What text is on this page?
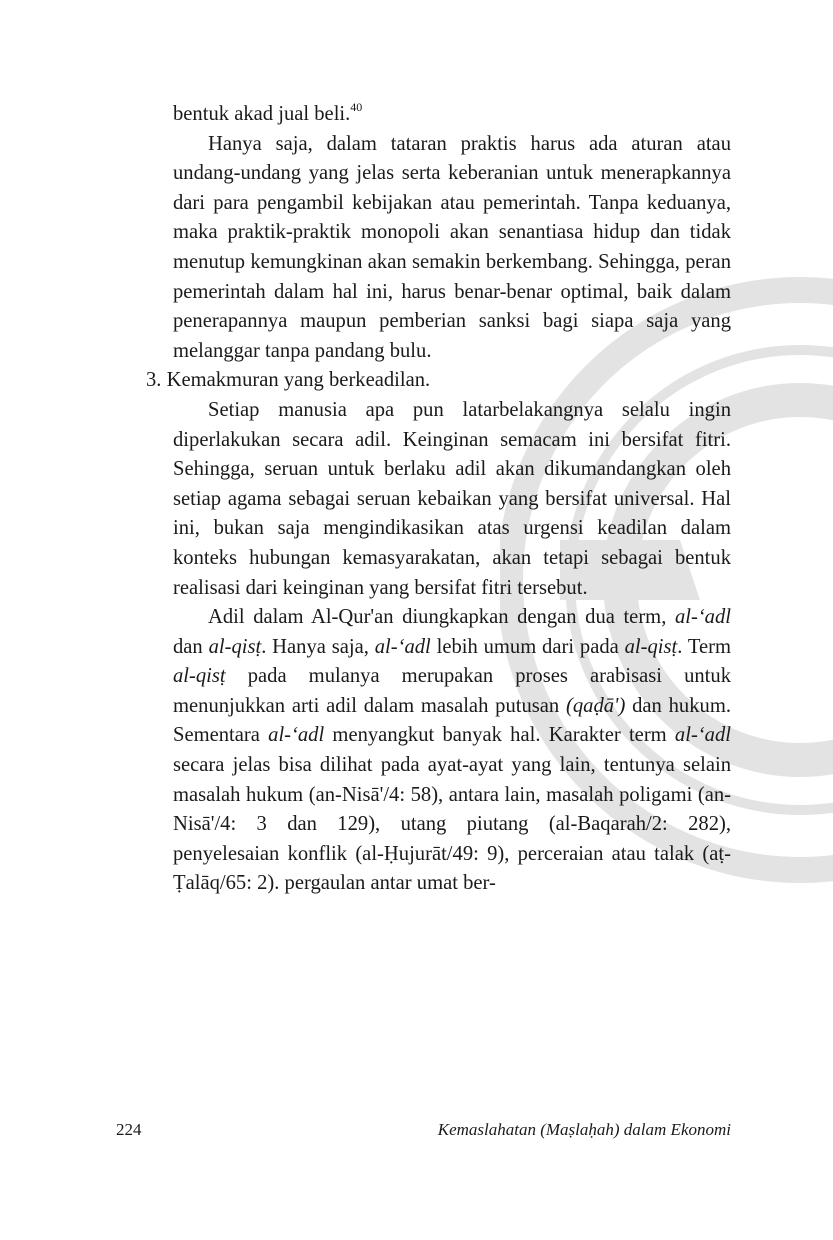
bentuk akad jual beli.$^{40}$

Hanya saja, dalam tataran praktis harus ada aturan atau undang-undang yang jelas serta keberanian untuk menerapkannya dari para pengambil kebijakan atau pemerintah. Tanpa keduanya, maka praktik-praktik monopoli akan senantiasa hidup dan tidak menutup kemungkinan akan semakin berkembang. Sehingga, peran pemerintah dalam hal ini, harus benar-benar optimal, baik dalam penerapannya maupun pemberian sanksi bagi siapa saja yang melanggar tanpa pandang bulu.

3. Kemakmuran yang berkeadilan.

Setiap manusia apa pun latarbelakangnya selalu ingin diperlakukan secara adil. Keinginan semacam ini bersifat fitri. Sehingga, seruan untuk berlaku adil akan dikumandangkan oleh setiap agama sebagai seruan kebaikan yang bersifat universal. Hal ini, bukan saja mengindikasikan atas urgensi keadilan dalam konteks hubungan kemasyarakatan, akan tetapi sebagai bentuk realisasi dari keinginan yang bersifat fitri tersebut.

Adil dalam Al-Qur'an diungkapkan dengan dua term, al-‘adl dan al-qisṭ. Hanya saja, al-‘adl lebih umum dari pada al-qisṭ. Term al-qisṭ pada mulanya merupakan proses arabisasi untuk menunjukkan arti adil dalam masalah putusan (qaḍā') dan hukum. Sementara al-‘adl menyangkut banyak hal. Karakter term al-‘adl secara jelas bisa dilihat pada ayat-ayat yang lain, tentunya selain masalah hukum (an-Nisā'/4: 58), antara lain, masalah poligami (an-Nisā'/4: 3 dan 129), utang piutang (al-Baqarah/2: 282), penyelesaian konflik (al-Ḥujurāt/49: 9), perceraian atau talak (aṭ-Ṭalāq/65: 2). pergaulan antar umat ber-

224	Kemaslahatan (Maṣlaḥah) dalam Ekonomi
